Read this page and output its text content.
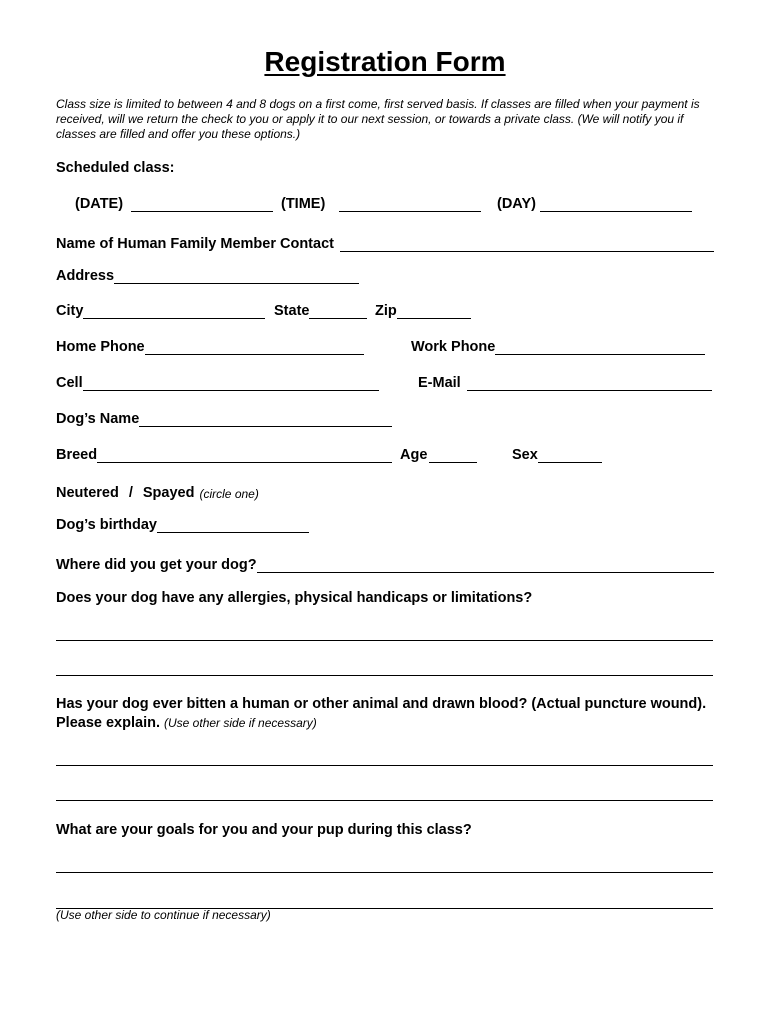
Registration Form
Class size is limited to between 4 and 8 dogs on a first come, first served basis. If classes are filled when your payment is received, will we return the check to you or apply it to our next session, or towards a private class. (We will notify you if classes are filled and offer you these options.)
Scheduled class:
(DATE)	(TIME)	(DAY)
Name of Human Family Member Contact
Address
City	State	Zip
Home Phone	Work Phone
Cell	E-Mail
Dog’s Name
Breed	Age	Sex
Neutered / Spayed (circle one)
Dog’s birthday
Where did you get your dog?
Does your dog have any allergies, physical handicaps or limitations?
Has your dog ever bitten a human or other animal and drawn blood? (Actual puncture wound). Please explain. (Use other side if necessary)
What are your goals for you and your pup during this class?
(Use other side to continue if necessary)
